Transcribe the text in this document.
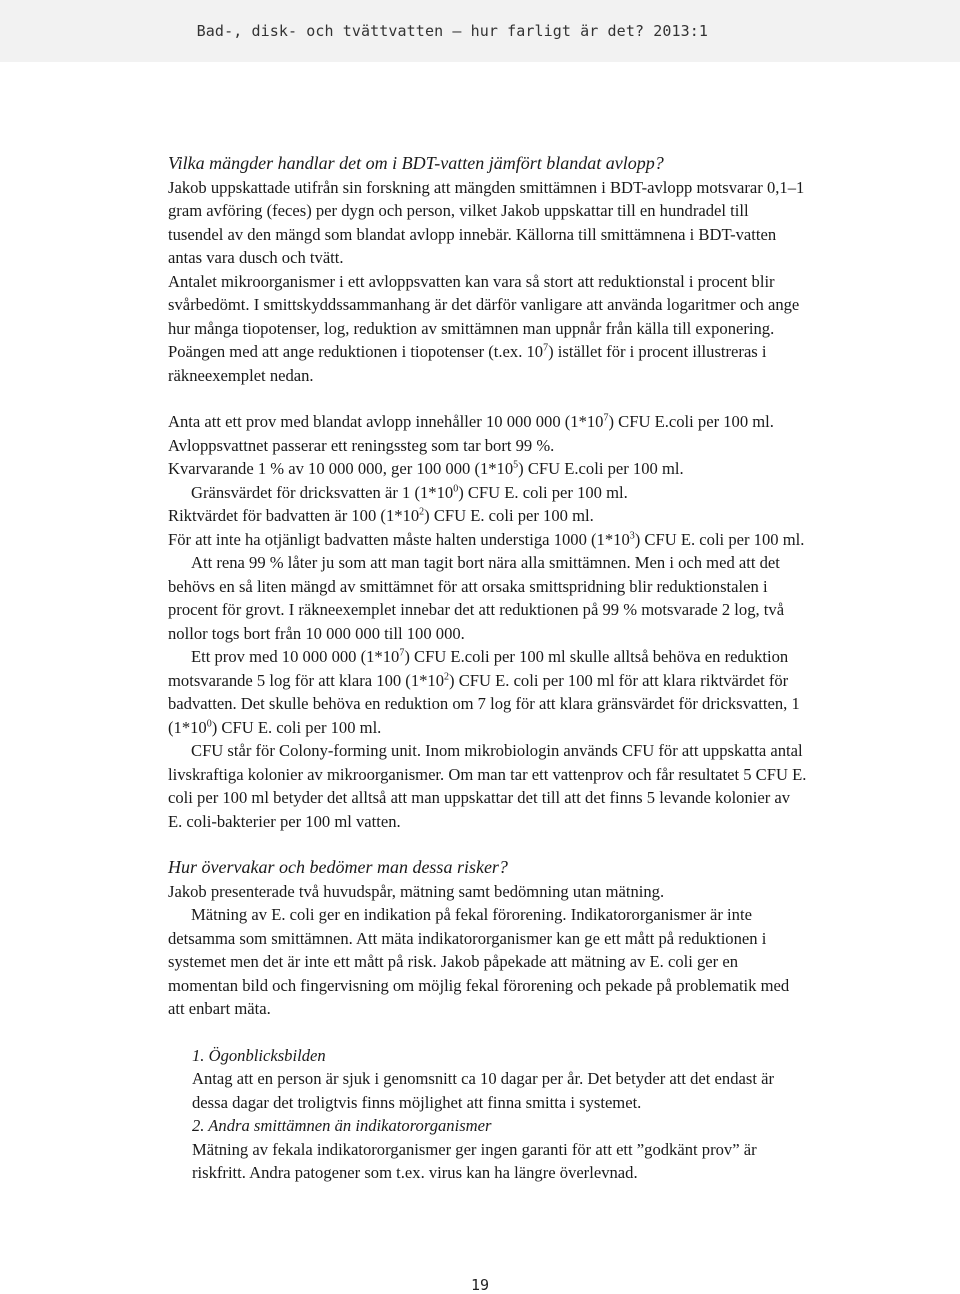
Bad-, disk- och tvättvatten – hur farligt är det? 2013:1

Vilka mängder handlar det om i BDT-vatten jämfört blandat avlopp?

Jakob uppskattade utifrån sin forskning att mängden smittämnen i BDT-avlopp motsvarar 0,1–1 gram avföring (feces) per dygn och person, vilket Jakob uppskattar till en hundradel till tusendel av den mängd som blandat avlopp innebär. Källorna till smittämnena i BDT-vatten antas vara dusch och tvätt.

Antalet mikroorganismer i ett avloppsvatten kan vara så stort att reduktionstal i procent blir svårbedömt. I smittskyddssammanhang är det därför vanligare att använda logaritmer och ange hur många tiopotenser, log, reduktion av smittämnen man uppnår från källa till exponering. Poängen med att ange reduktionen i tiopotenser (t.ex. $10^7$) istället för i procent illustreras i räkneexemplet nedan.

Anta att ett prov med blandat avlopp innehåller 10 000 000 $(1*10^7)$ CFU E.coli per 100 ml. Avloppsvattnet passerar ett reningssteg som tar bort 99 %.

Kvarvarande 1 % av 10 000 000, ger 100 000 $(1*10^5)$ CFU E.coli per 100 ml.

Gränsvärdet för dricksvatten är 1 $(1*10^0)$ CFU E. coli per 100 ml.

Riktvärdet för badvatten är 100 $(1*10^2)$ CFU E. coli per 100 ml.

För att inte ha otjänligt badvatten måste halten understiga 1000 $(1*10^3)$ CFU E. coli per 100 ml.

Att rena 99 % låter ju som att man tagit bort nära alla smittämnen. Men i och med att det behövs en så liten mängd av smittämnet för att orsaka smittspridning blir reduktionstalen i procent för grovt. I räkneexemplet innebar det att reduktionen på 99 % motsvarade 2 log, två nollor togs bort från 10 000 000 till 100 000.

Ett prov med 10 000 000 $(1*10^7)$ CFU E.coli per 100 ml skulle alltså behöva en reduktion motsvarande 5 log för att klara 100 $(1*10^2)$ CFU E. coli per 100 ml för att klara riktvärdet för badvatten. Det skulle behöva en reduktion om 7 log för att klara gränsvärdet för dricksvatten, 1 $(1*10^0)$ CFU E. coli per 100 ml.

CFU står för Colony-forming unit. Inom mikrobiologin används CFU för att uppskatta antal livskraftiga kolonier av mikroorganismer. Om man tar ett vattenprov och får resultatet 5 CFU E. coli per 100 ml betyder det alltså att man uppskattar det till att det finns 5 levande kolonier av E. coli-bakterier per 100 ml vatten.

Hur övervakar och bedömer man dessa risker?

Jakob presenterade två huvudspår, mätning samt bedömning utan mätning.

Mätning av E. coli ger en indikation på fekal förorening. Indikatororganismer är inte detsamma som smittämnen. Att mäta indikatororganismer kan ge ett mått på reduktionen i systemet men det är inte ett mått på risk. Jakob påpekade att mätning av E. coli ger en momentan bild och fingervisning om möjlig fekal förorening och pekade på problematik med att enbart mäta.

1. Ögonblicksbilden

Antag att en person är sjuk i genomsnitt ca 10 dagar per år. Det betyder att det endast är dessa dagar det troligtvis finns möjlighet att finna smitta i systemet.

2. Andra smittämnen än indikatororganismer

Mätning av fekala indikatororganismer ger ingen garanti för att ett ”godkänt prov” är riskfritt. Andra patogener som t.ex. virus kan ha längre överlevnad.

19
